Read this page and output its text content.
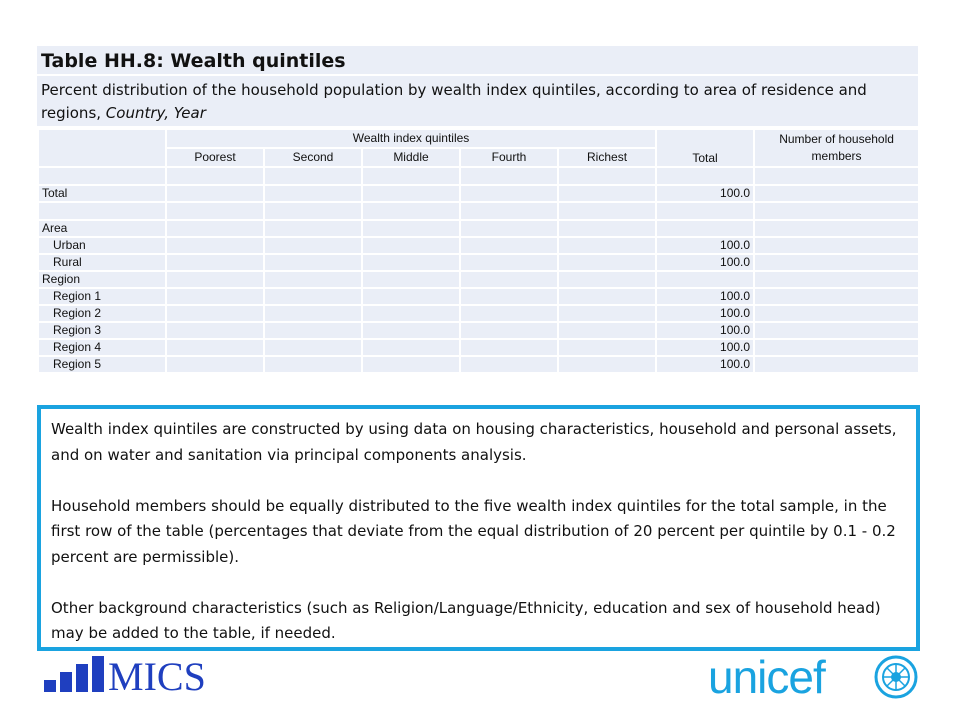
Table HH.8: Wealth quintiles
Percent distribution of the household population by wealth index quintiles, according to area of residence and regions, Country, Year
	Wealth index quintiles					Total	Number of household members
	Poorest	Second	Middle	Fourth	Richest		

Total						100.0	

Area							
Urban						100.0	
Rural						100.0	
Region							
Region 1						100.0	
Region 2						100.0	
Region 3						100.0	
Region 4						100.0	
Region 5						100.0	

Wealth index quintiles are constructed by using data on housing characteristics, household and personal assets, and on water and sanitation via principal components analysis.

Household members should be equally distributed to the five wealth index quintiles for the total sample, in the first row of the table (percentages that deviate from the equal distribution of 20 percent per quintile by 0.1 - 0.2 percent are permissible).

Other background characteristics (such as Religion/Language/Ethnicity, education and sex of household head) may be added to the table, if needed.

MICS	unicef
